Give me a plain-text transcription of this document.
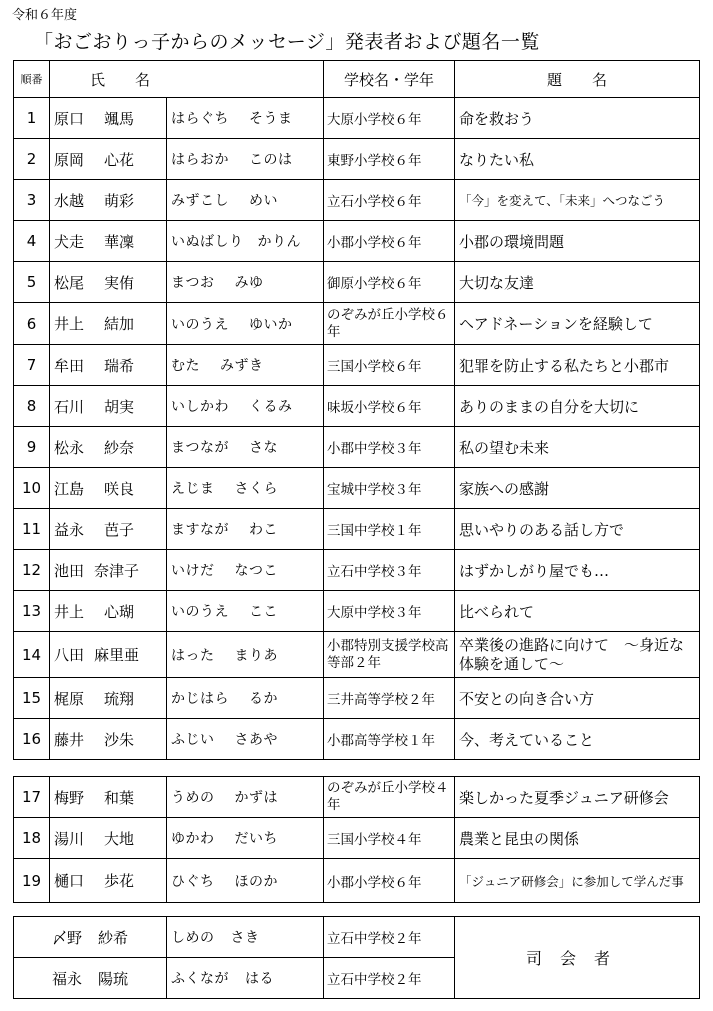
令和６年度
「おごおりっ子からのメッセージ」発表者および題名一覧
順番	氏　　名		学校名・学年	題　　名
1	原口 颯馬	はらぐち そうま	大原小学校６年	命を救おう
2	原岡 心花	はらおか このは	東野小学校６年	なりたい私
3	水越 萌彩	みずこし めい	立石小学校６年	「今」を変えて、「未来」へつなごう
4	犬走 華凜	いぬばしり かりん	小郡小学校６年	小郡の環境問題
5	松尾 実侑	まつお みゆ	御原小学校６年	大切な友達
6	井上 結加	いのうえ ゆいか	のぞみが丘小学校６年	ヘアドネーションを経験して
7	牟田 瑞希	むた みずき	三国小学校６年	犯罪を防止する私たちと小郡市
8	石川 胡実	いしかわ くるみ	味坂小学校６年	ありのままの自分を大切に
9	松永 紗奈	まつなが さな	小郡中学校３年	私の望む未来
10	江島 咲良	えじま さくら	宝城中学校３年	家族への感謝
11	益永 芭子	ますなが わこ	三国中学校１年	思いやりのある話し方で
12	池田 奈津子	いけだ なつこ	立石中学校３年	はずかしがり屋でも…
13	井上 心瑚	いのうえ ここ	大原中学校３年	比べられて
14	八田 麻里亜	はった まりあ	小郡特別支援学校高等部２年	卒業後の進路に向けて　～身近な体験を通して～
15	梶原 琉翔	かじはら るか	三井高等学校２年	不安との向き合い方
16	藤井 沙朱	ふじい さあや	小郡高等学校１年	今、考えていること
17	梅野 和葉	うめの かずは	のぞみが丘小学校４年	楽しかった夏季ジュニア研修会
18	湯川 大地	ゆかわ だいち	三国小学校４年	農業と昆虫の関係
19	樋口 歩花	ひぐち ほのか	小郡小学校６年	「ジュニア研修会」に参加して学んだ事
〆野 紗希	しめの さき	立石中学校２年	司会者
福永 陽琉	ふくなが はる	立石中学校２年	
